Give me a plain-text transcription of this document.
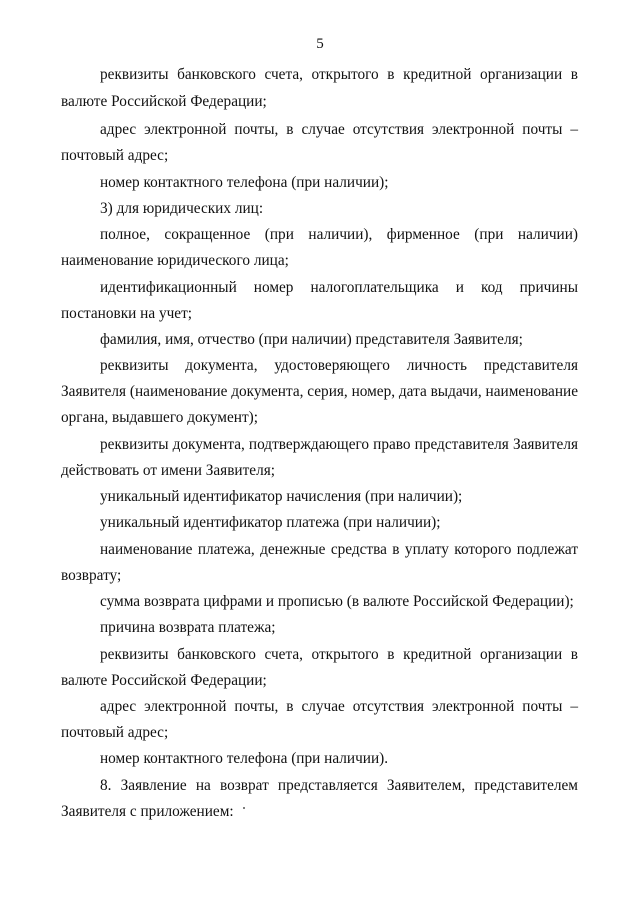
5
реквизиты банковского счета, открытого в кредитной организации в
валюте Российской Федерации;
адрес электронной почты, в случае отсутствия электронной почты –
почтовый адрес;
номер контактного телефона (при наличии);
3) для юридических лиц:
полное, сокращенное (при наличии), фирменное (при наличии)
наименование юридического лица;
идентификационный номер налогоплательщика и код причины
постановки на учет;
фамилия, имя, отчество (при наличии) представителя Заявителя;
реквизиты документа, удостоверяющего личность представителя
Заявителя (наименование документа, серия, номер, дата выдачи, наименование
органа, выдавшего документ);
реквизиты документа, подтверждающего право представителя Заявителя
действовать от имени Заявителя;
уникальный идентификатор начисления (при наличии);
уникальный идентификатор платежа (при наличии);
наименование платежа, денежные средства в уплату которого подлежат
возврату;
сумма возврата цифрами и прописью (в валюте Российской Федерации);
причина возврата платежа;
реквизиты банковского счета, открытого в кредитной организации в
валюте Российской Федерации;
адрес электронной почты, в случае отсутствия электронной почты –
почтовый адрес;
номер контактного телефона (при наличии).
8. Заявление на возврат представляется Заявителем, представителем
Заявителя с приложением:
